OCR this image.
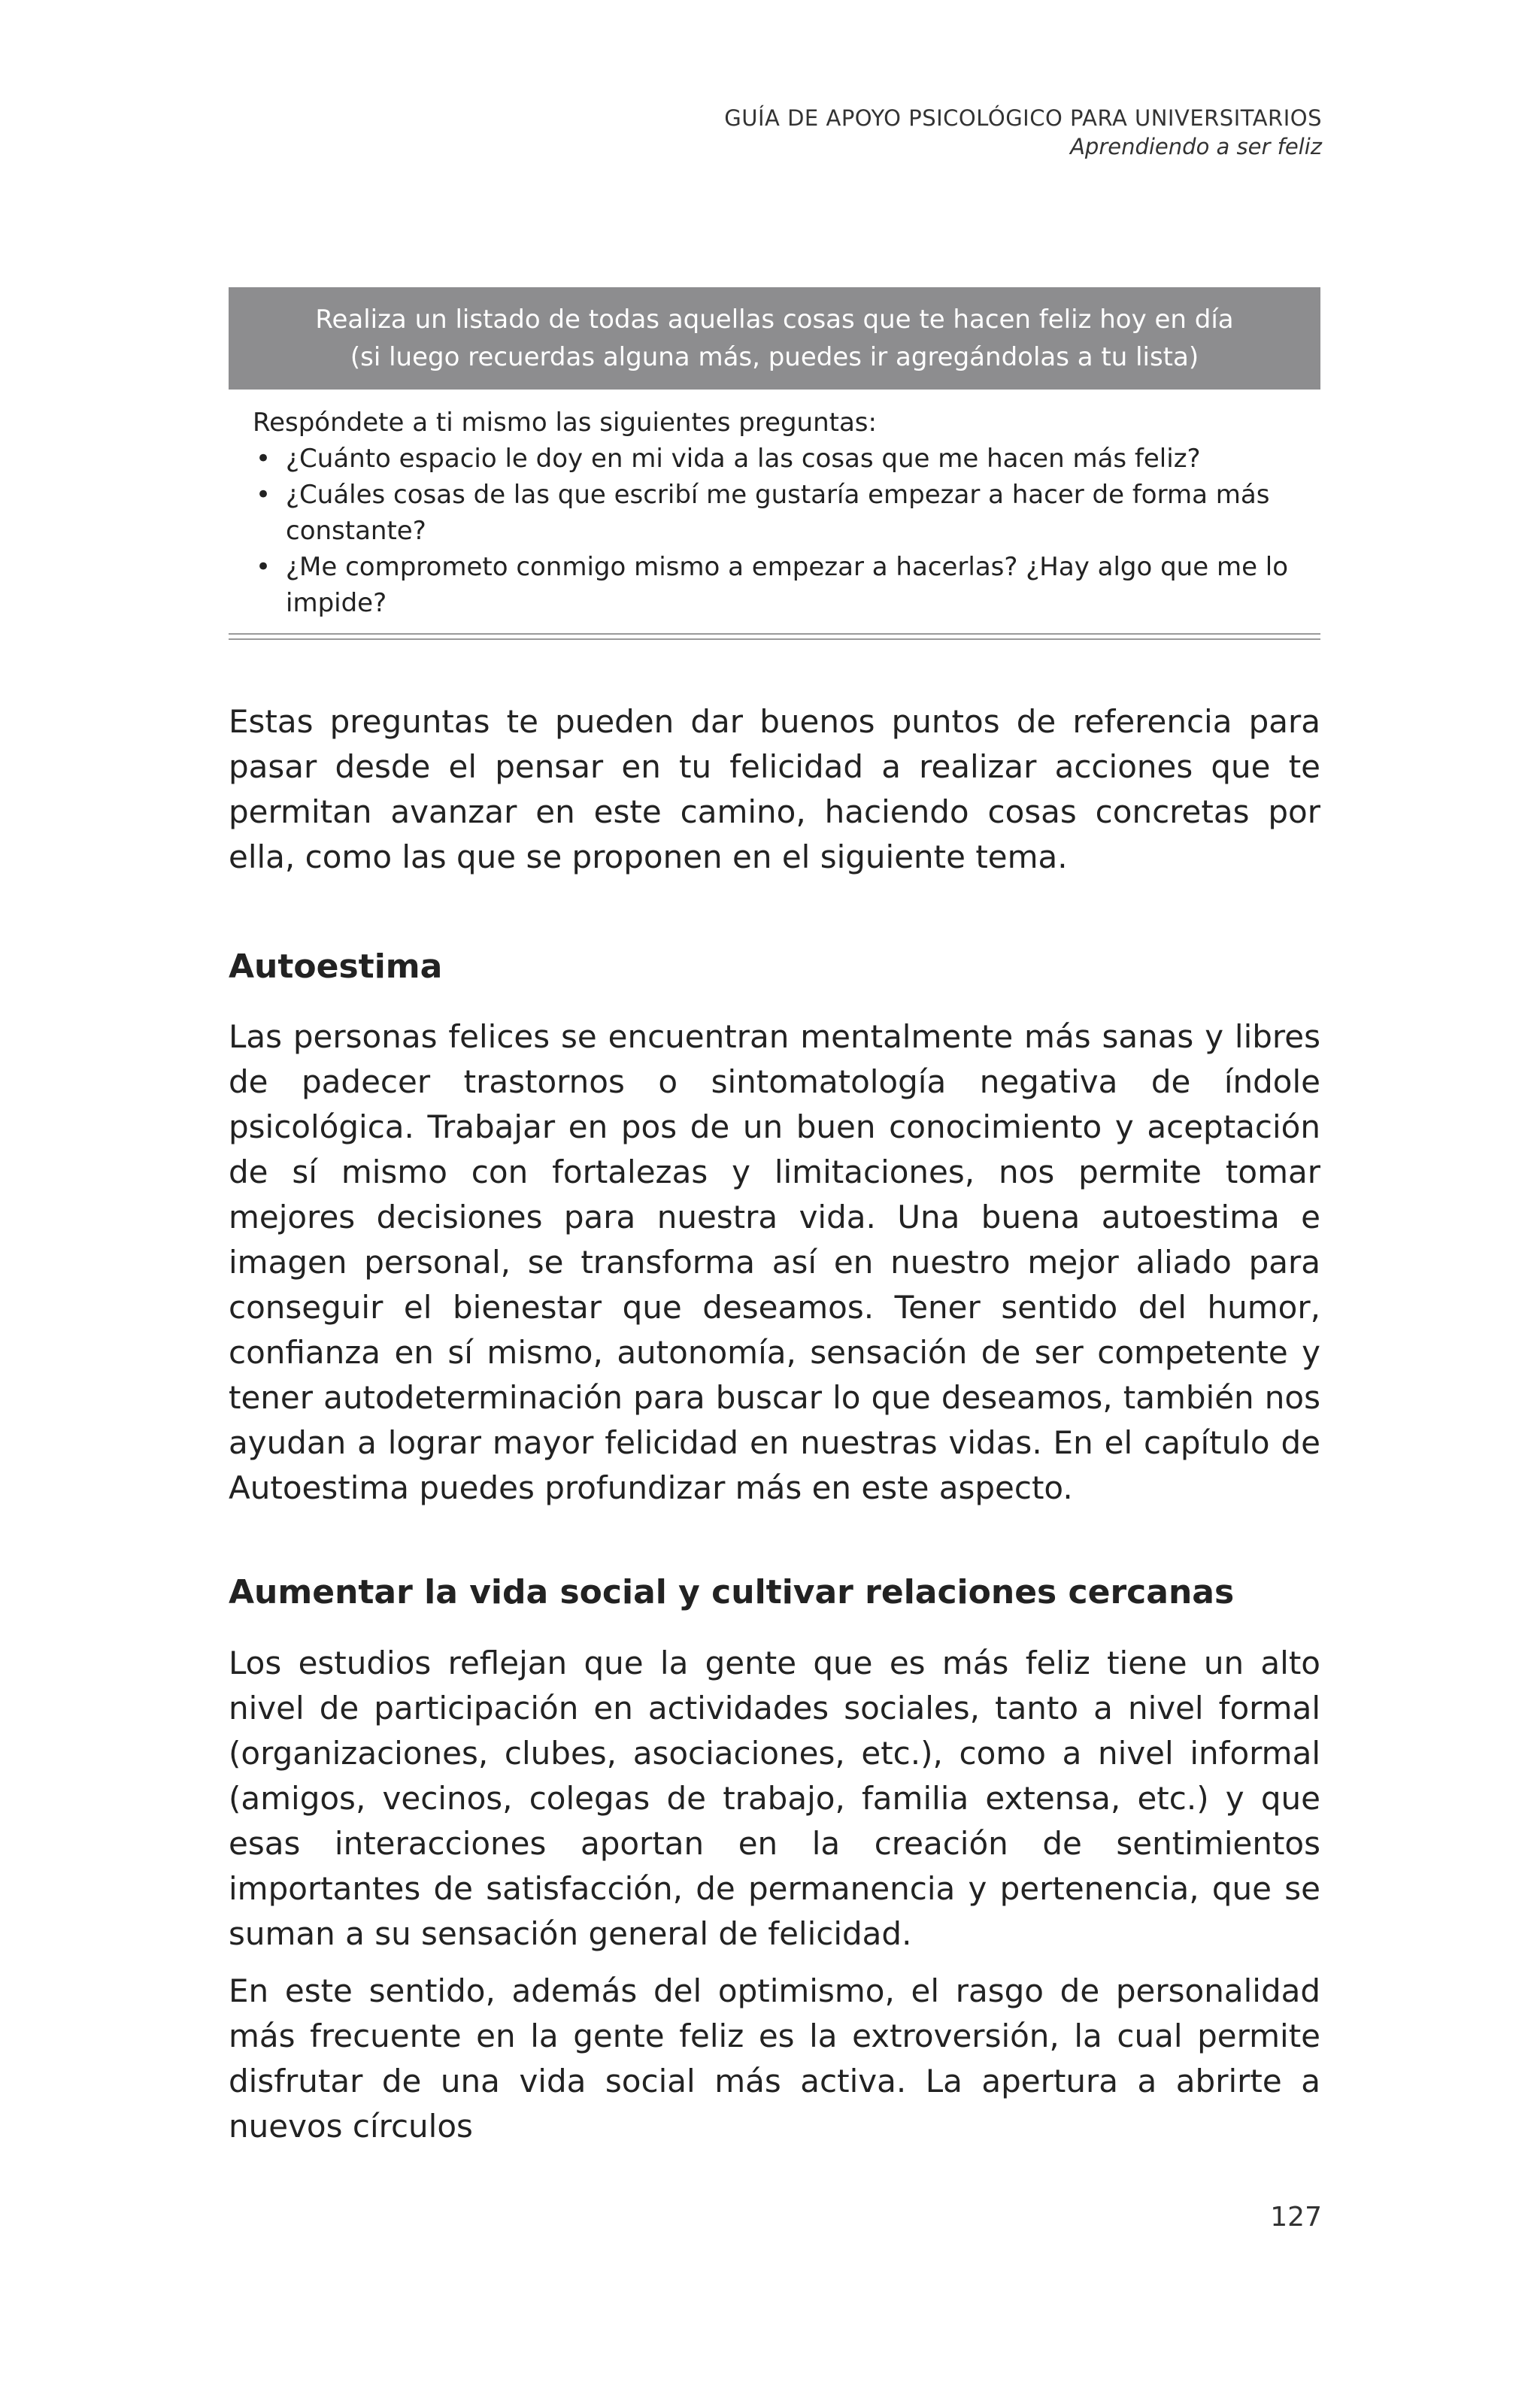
GUÍA DE APOYO PSICOLÓGICO PARA UNIVERSITARIOS
Aprendiendo a ser feliz
Realiza un listado de todas aquellas cosas que te hacen feliz hoy en día
(si luego recuerdas alguna más, puedes ir agregándolas a tu lista)
Respóndete a ti mismo las siguientes preguntas:
• ¿Cuánto espacio le doy en mi vida a las cosas que me hacen más feliz?
• ¿Cuáles cosas de las que escribí me gustaría empezar a hacer de forma más constante?
• ¿Me comprometo conmigo mismo a empezar a hacerlas? ¿Hay algo que me lo impide?

Estas preguntas te pueden dar buenos puntos de referencia para pasar desde el pensar en tu felicidad a realizar acciones que te permitan avanzar en este camino, haciendo cosas concretas por ella, como las que se proponen en el siguiente tema.

Autoestima

Las personas felices se encuentran mentalmente más sanas y libres de padecer trastornos o sintomatología negativa de índole psicológica. Trabajar en pos de un buen conocimiento y aceptación de sí mismo con fortalezas y limitaciones, nos permite tomar mejores decisiones para nuestra vida. Una buena autoestima e imagen personal, se transforma así en nuestro mejor aliado para conseguir el bienestar que deseamos. Tener sentido del humor, confianza en sí mismo, autonomía, sensación de ser competente y tener autodeterminación para buscar lo que deseamos, también nos ayudan a lograr mayor felicidad en nuestras vidas. En el capítulo de Autoestima puedes profundizar más en este aspecto.

Aumentar la vida social y cultivar relaciones cercanas

Los estudios reflejan que la gente que es más feliz tiene un alto nivel de participación en actividades sociales, tanto a nivel formal (organizaciones, clubes, asociaciones, etc.), como a nivel informal (amigos, vecinos, colegas de trabajo, familia extensa, etc.) y que esas interacciones aportan en la creación de sentimientos importantes de satisfacción, de permanencia y pertenencia, que se suman a su sensación general de felicidad.

En este sentido, además del optimismo, el rasgo de personalidad más frecuente en la gente feliz es la extroversión, la cual permite disfrutar de una vida social más activa. La apertura a abrirte a nuevos círculos

127
